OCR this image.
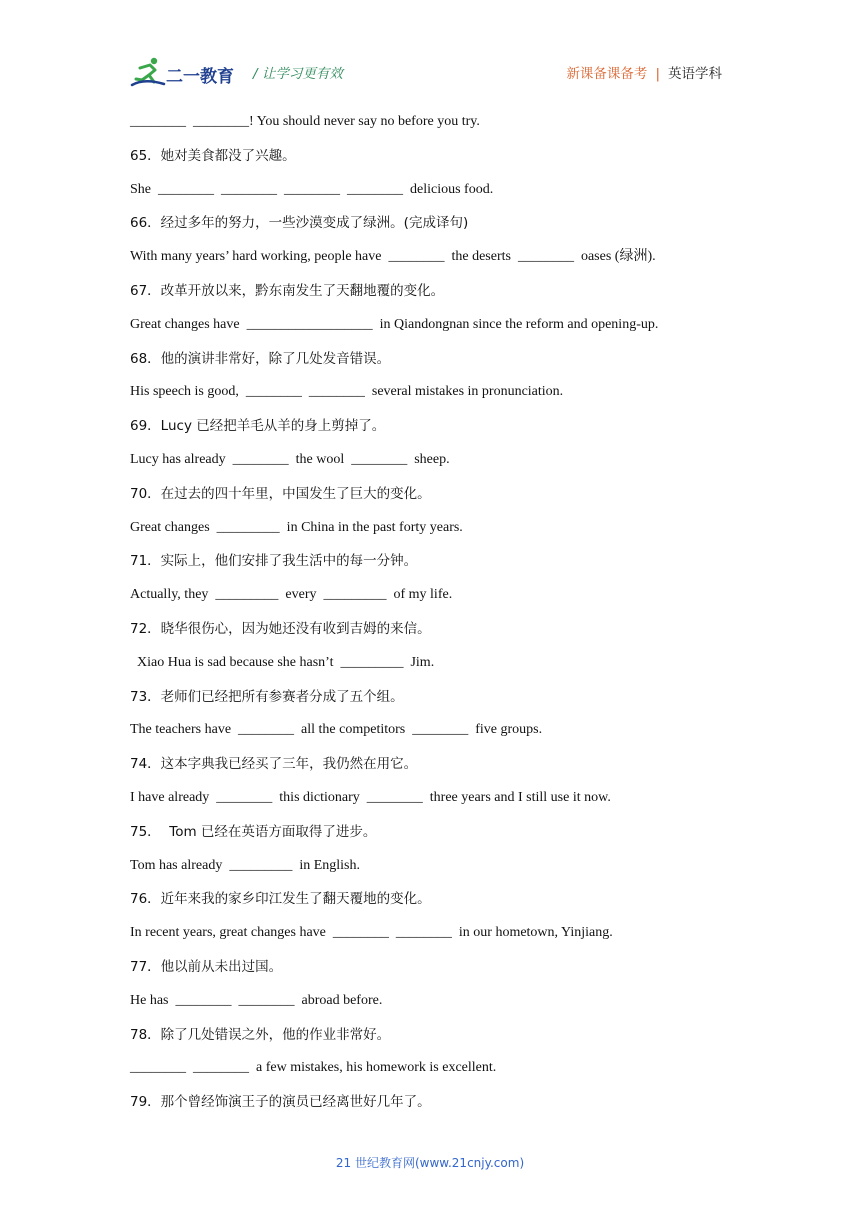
二一教育 / 让学习更有效	新课备课备考 | 英语学科
________  ________! You should never say no before you try.
65．她对美食都没了兴趣。
She  ________  ________  ________  ________  delicious food.
66．经过多年的努力，一些沙漠变成了绿洲。(完成译句)
With many years’ hard working, people have  ________  the deserts  ________  oases (绿洲).
67．改革开放以来，黔东南发生了天翻地覆的变化。
Great changes have  __________________  in Qiandongnan since the reform and opening-up.
68．他的演讲非常好，除了几处发音错误。
His speech is good,  ________  ________  several mistakes in pronunciation.
69．Lucy 已经把羊毛从羊的身上剪掉了。
Lucy has already  ________  the wool  ________  sheep.
70．在过去的四十年里，中国发生了巨大的变化。
Great changes  _________  in China in the past forty years.
71．实际上，他们安排了我生活中的每一分钟。
Actually, they  _________  every  _________  of my life.
72．晓华很伤心，因为她还没有收到吉姆的来信。
Xiao Hua is sad because she hasn’t  _________  Jim.
73．老师们已经把所有参赛者分成了五个组。
The teachers have  ________  all the competitors  ________  five groups.
74．这本字典我已经买了三年，我仍然在用它。
I have already  ________  this dictionary  ________  three years and I still use it now.
75．  Tom 已经在英语方面取得了进步。
Tom has already  _________  in English.
76．近年来我的家乡印江发生了翻天覆地的变化。
In recent years, great changes have  ________  ________  in our hometown, Yinjiang.
77．他以前从未出过国。
He has  ________  ________  abroad before.
78．除了几处错误之外，他的作业非常好。
________  ________  a few mistakes, his homework is excellent.
79．那个曾经饰演王子的演员已经离世好几年了。
21 世纪教育网(www.21cnjy.com)
